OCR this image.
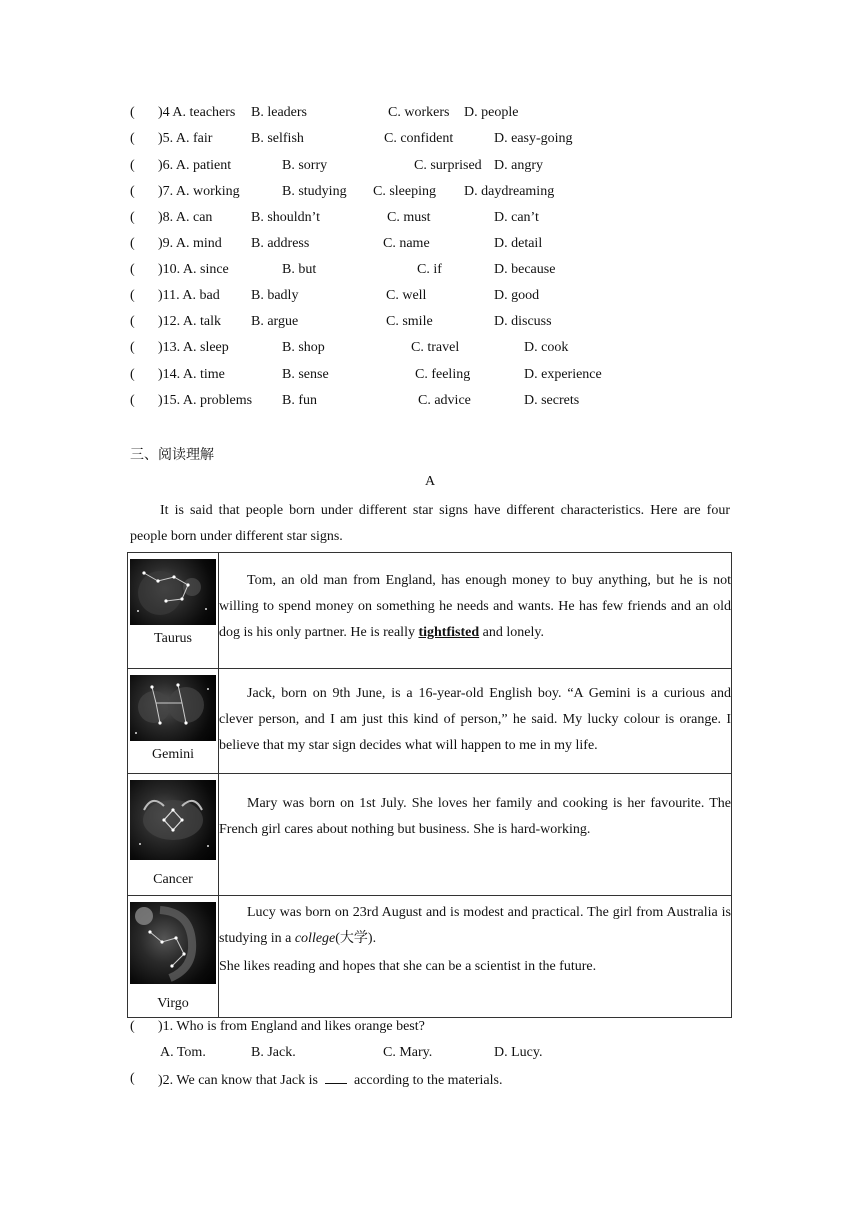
( )4 A. teachers B. leaders	C. workers D. people
( )5. A. fair	B. selfish	C. confident	D. easy-going
( )6. A. patient	B. sorry	C. surprised D. angry
( )7. A. working	B. studying C. sleeping D. daydreaming
( )8. A. can	B. shouldn’t	C. must	D. can’t
( )9. A. mind B. address	C. name	D. detail
( )10. A. since	B. but	C. if	D. because
( )11. A. bad B. badly	C. well	D. good
( )12. A. talk B. argue	C. smile	D. discuss
( )13. A. sleep	B. shop	C. travel	D. cook
( )14. A. time	B. sense	C. feeling	D. experience
( )15. A. problems B. fun	C. advice	D. secrets
三、阅读理解
A
It is said that people born under different star signs have different characteristics. Here are four people born under different star signs.
Taurus	Tom, an old man from England, has enough money to buy anything, but he is not willing to spend money on something he needs and wants. He has few friends and an old dog is his only partner. He is really tightfisted and lonely.

Gemini	Jack, born on 9th June, is a 16-year-old English boy. “A Gemini is a curious and clever person, and I am just this kind of person,” he said. My lucky colour is orange. I believe that my star sign decides what will happen to me in my life.

Cancer	Mary was born on 1st July. She loves her family and cooking is her favourite. The French girl cares about nothing but business. She is hard-working.

Virgo	Lucy was born on 23rd August and is modest and practical. The girl from Australia is studying in a college(大学).

She likes reading and hopes that she can be a scientist in the future.

( )1. Who is from England and likes orange best?
A. Tom.	B. Jack.	C. Mary.	D. Lucy.
( )2. We can know that Jack is	according to the materials.
